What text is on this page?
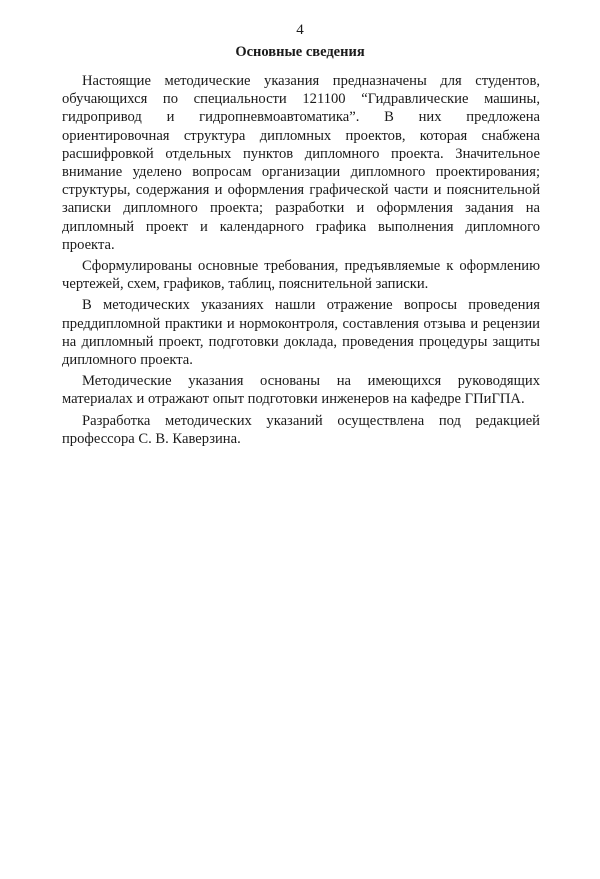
4
Основные сведения

Настоящие методические указания предназначены для студентов, обучающихся по специальности 121100 “Гидравлические машины, гидропривод и гидропневмоавтоматика”. В них предложена ориентировочная структура дипломных проектов, которая снабжена расшифровкой отдельных пунктов дипломного проекта. Значительное внимание уделено вопросам организации дипломного проектирования; структуры, содержания и оформления графической части и пояснительной записки дипломного проекта; разработки и оформления задания на дипломный проект и календарного графика выполнения дипломного проекта.

Сформулированы основные требования, предъявляемые к оформлению чертежей, схем, графиков, таблиц, пояснительной записки.

В методических указаниях нашли отражение вопросы проведения преддипломной практики и нормоконтроля, составления отзыва и рецензии на дипломный проект, подготовки доклада, проведения процедуры защиты дипломного проекта.

Методические указания основаны на имеющихся руководящих материалах и отражают опыт подготовки инженеров на кафедре ГПиГПА.

Разработка методических указаний осуществлена под редакцией профессора С. В. Каверзина.
